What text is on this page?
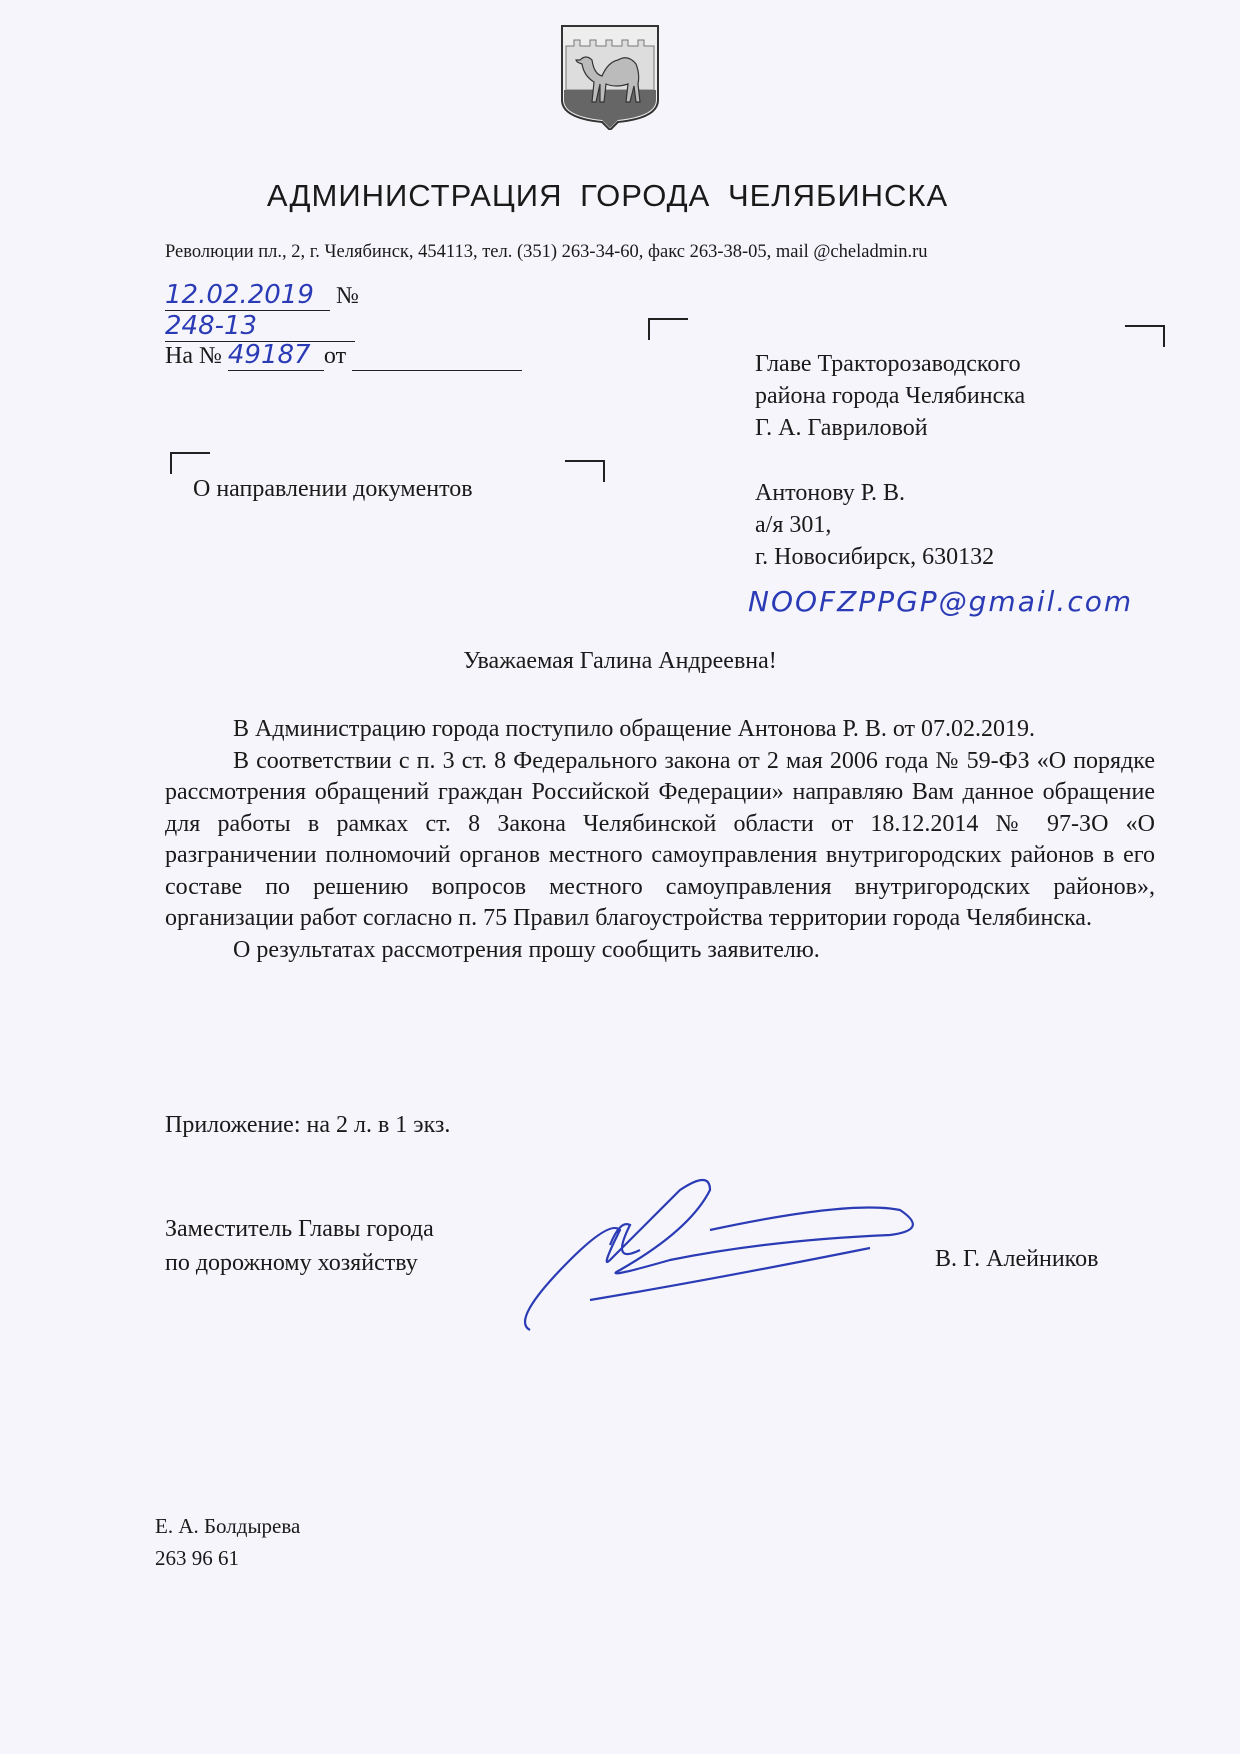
АДМИНИСТРАЦИЯ ГОРОДА ЧЕЛЯБИНСКА
Революции пл., 2, г. Челябинск, 454113, тел. (351) 263-34-60, факс 263-38-05, mail @cheladmin.ru
12.02.2019 № 248-13
На № 49187 от	Главе Тракторозаводского
района города Челябинска
Г. А. Гавриловой
Антонову Р. В.
а/я 301,
г. Новосибирск, 630132
NOOFZPPGP@gmail.com
О направлении документов
Уважаемая Галина Андреевна!

В Администрацию города поступило обращение Антонова Р. В. от 07.02.2019.

В соответствии с п. 3 ст. 8 Федерального закона от 2 мая 2006 года № 59-ФЗ «О порядке рассмотрения обращений граждан Российской Федерации» направляю Вам данное обращение для работы в рамках ст. 8 Закона Челябинской области от 18.12.2014 № 97-ЗО «О разграничении полномочий органов местного самоуправления внутригородских районов в его составе по решению вопросов местного самоуправления внутригородских районов», организации работ согласно п. 75 Правил благоустройства территории города Челябинска.

О результатах рассмотрения прошу сообщить заявителю.

Приложение: на 2 л. в 1 экз.
Заместитель Главы города
по дорожному хозяйству	В. Г. Алейников
Е. А. Болдырева
263 96 61
